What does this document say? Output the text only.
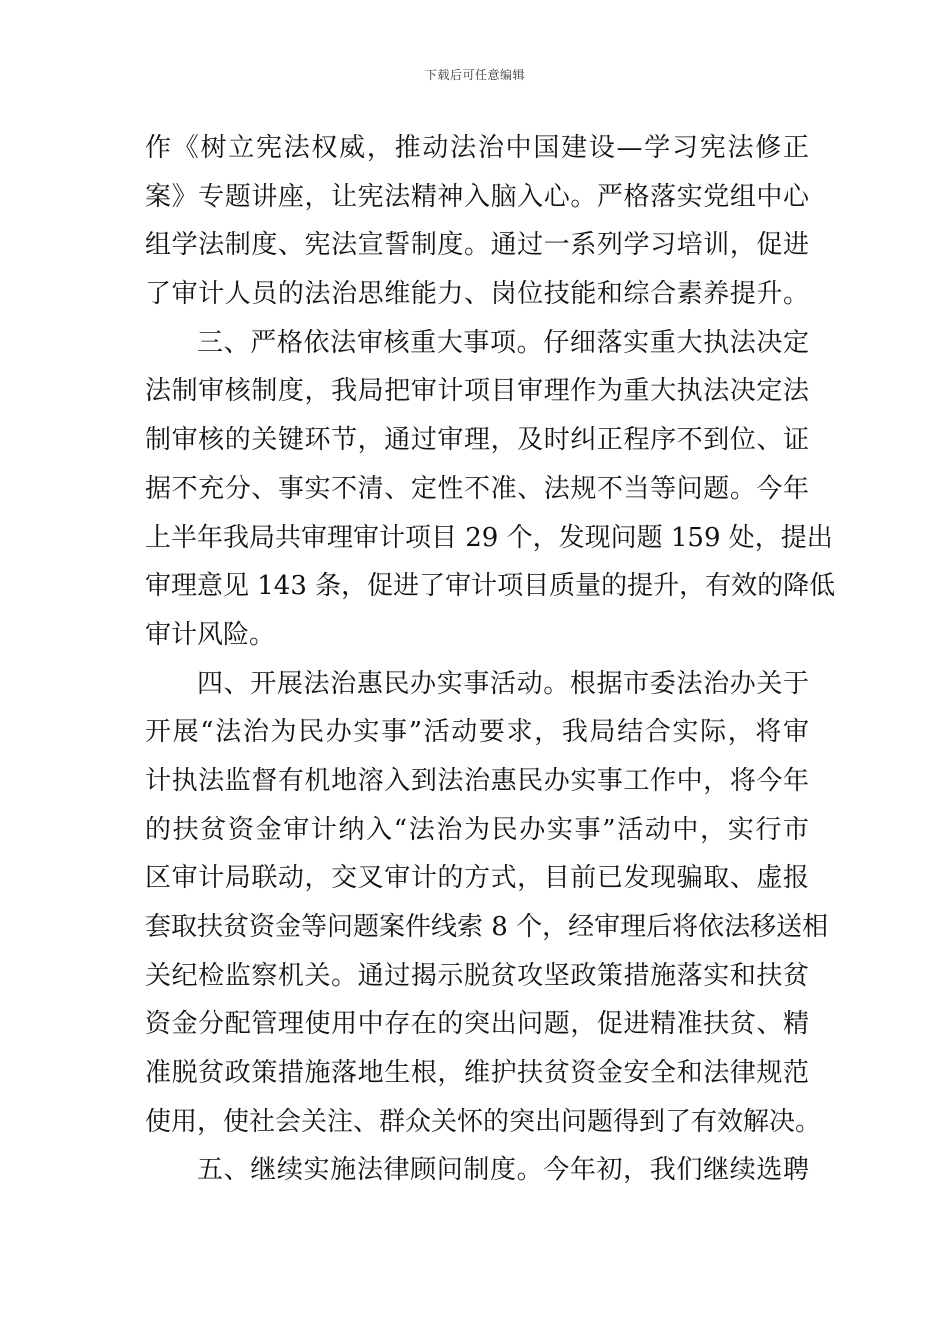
下载后可任意编辑
作《树立宪法权威，推动法治中国建设—学习宪法修正
案》专题讲座，让宪法精神入脑入心。严格落实党组中心
组学法制度、宪法宣誓制度。通过一系列学习培训，促进
了审计人员的法治思维能力、岗位技能和综合素养提升。
三、严格依法审核重大事项。仔细落实重大执法决定
法制审核制度，我局把审计项目审理作为重大执法决定法
制审核的关键环节，通过审理，及时纠正程序不到位、证
据不充分、事实不清、定性不准、法规不当等问题。今年
上半年我局共审理审计项目 29 个，发现问题 159 处，提出
审理意见 143 条，促进了审计项目质量的提升，有效的降低
审计风险。
四、开展法治惠民办实事活动。根据市委法治办关于
开展“法治为民办实事”活动要求，我局结合实际，将审
计执法监督有机地溶入到法治惠民办实事工作中，将今年
的扶贫资金审计纳入“法治为民办实事”活动中，实行市
区审计局联动，交叉审计的方式，目前已发现骗取、虚报
套取扶贫资金等问题案件线索 8 个，经审理后将依法移送相
关纪检监察机关。通过揭示脱贫攻坚政策措施落实和扶贫
资金分配管理使用中存在的突出问题，促进精准扶贫、精
准脱贫政策措施落地生根，维护扶贫资金安全和法律规范
使用，使社会关注、群众关怀的突出问题得到了有效解决。
五、继续实施法律顾问制度。今年初，我们继续选聘
